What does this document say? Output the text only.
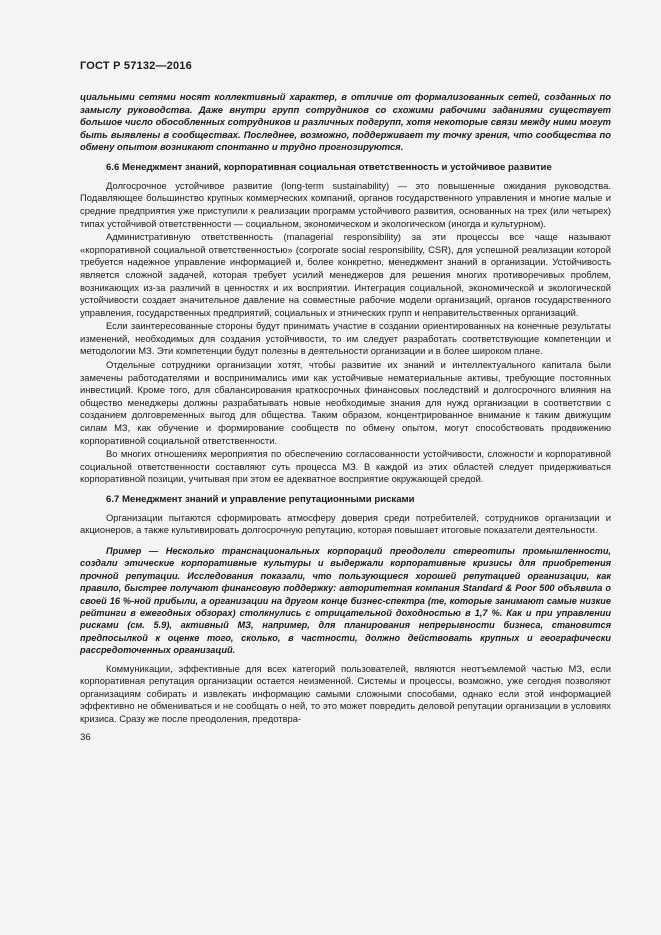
ГОСТ Р 57132—2016

циальными сетями носят коллективный характер, в отличие от формализованных сетей, созданных по замыслу руководства. Даже внутри групп сотрудников со схожими рабочими заданиями существует большое число обособленных сотрудников и различных подгрупп, хотя некоторые связи между ними могут быть выявлены в сообществах. Последнее, возможно, поддерживает ту точку зрения, что сообщества по обмену опытом возникают спонтанно и трудно прогнозируются.

6.6 Менеджмент знаний, корпоративная социальная ответственность и устойчивое развитие

Долгосрочное устойчивое развитие (long-term sustainability) — это повышенные ожидания руководства. Подавляющее большинство крупных коммерческих компаний, органов государственного управления и многие малые и средние предприятия уже приступили к реализации программ устойчивого развития, основанных на трех (или четырех) типах устойчивой ответственности — социальном, экономическом и экологическом (иногда и культурном).

Административную ответственность (managerial responsibility) за эти процессы все чаще называют «корпоративной социальной ответственностью» (corporate social responsibility, CSR), для успешной реализации которой требуется надежное управление информацией и, более конкретно, менеджмент знаний в организации. Устойчивость является сложной задачей, которая требует усилий менеджеров для решения многих противоречивых проблем, возникающих из-за различий в ценностях и их восприятии. Интеграция социальной, экономической и экологической устойчивости создает значительное давление на совместные рабочие модели организаций, органов государственного управления, государственных предприятий, социальных и этнических групп и неправительственных организаций.

Если заинтересованные стороны будут принимать участие в создании ориентированных на конечные результаты изменений, необходимых для создания устойчивости, то им следует разработать соответствующие компетенции и методологии МЗ. Эти компетенции будут полезны в деятельности организации и в более широком плане.

Отдельные сотрудники организации хотят, чтобы развитие их знаний и интеллектуального капитала были замечены работодателями и воспринимались ими как устойчивые нематериальные активы, требующие постоянных инвестиций. Кроме того, для сбалансирования краткосрочных финансовых последствий и долгосрочного влияния на общество менеджеры должны разрабатывать новые необходимые знания для нужд организации в соответствии с созданием долговременных выгод для общества. Таким образом, концентрированное внимание к таким движущим силам МЗ, как обучение и формирование сообществ по обмену опытом, могут способствовать продвижению корпоративной социальной ответственности.

Во многих отношениях мероприятия по обеспечению согласованности устойчивости, сложности и корпоративной социальной ответственности составляют суть процесса МЗ. В каждой из этих областей следует придерживаться корпоративной позиции, учитывая при этом ее адекватное восприятие окружающей средой.

6.7 Менеджмент знаний и управление репутационными рисками

Организации пытаются сформировать атмосферу доверия среди потребителей, сотрудников организации и акционеров, а также культивировать долгосрочную репутацию, которая повышает итоговые показатели деятельности.

Пример — Несколько транснациональных корпораций преодолели стереотипы промышленности, создали этические корпоративные культуры и выдержали корпоративные кризисы для приобретения прочной репутации. Исследования показали, что пользующиеся хорошей репутацией организации, как правило, быстрее получают финансовую поддержку: авторитетная компания Standard & Poor 500 объявила о своей 16 %-ной прибыли, а организации на другом конце бизнес-спектра (те, которые занимают самые низкие рейтинги в ежегодных обзорах) столкнулись с отрицательной доходностью в 1,7 %. Как и при управлении рисками (см. 5.9), активный МЗ, например, для планирования непрерывности бизнеса, становится предпосылкой к оценке того, сколько, в частности, должно действовать крупных и географически рассредоточенных организаций.

Коммуникации, эффективные для всех категорий пользователей, являются неотъемлемой частью МЗ, если корпоративная репутация организации остается неизменной. Системы и процессы, возможно, уже сегодня позволяют организациям собирать и извлекать информацию самыми сложными способами, однако если этой информацией эффективно не обмениваться и не сообщать о ней, то это может повредить деловой репутации организации в условиях кризиса. Сразу же после преодоления, предотвра-

36
